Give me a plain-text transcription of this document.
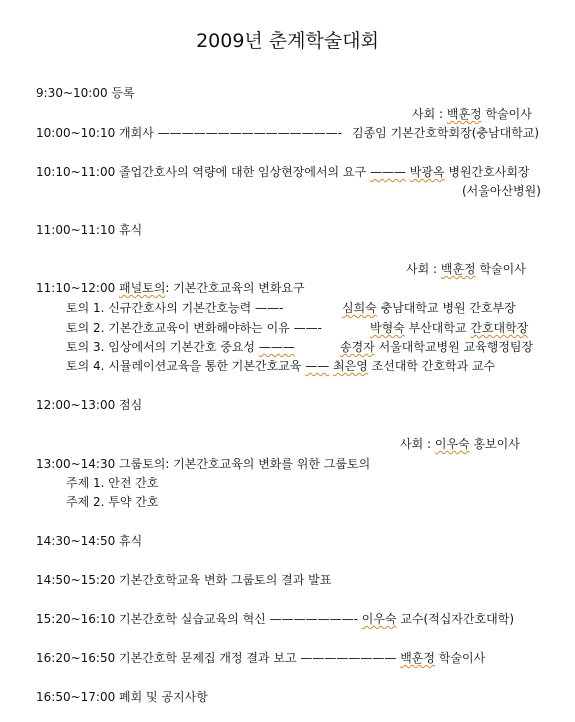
2009년 춘계학술대회
9:30~10:00 등록
사회 : 백훈정 학술이사
10:00~10:10 개회사 ———————————————- 김종임 기본간호학회장(충남대학교)
10:10~11:00 졸업간호사의 역량에 대한 임상현장에서의 요구 ——— 박광옥 병원간호사회장
(서울아산병원)
11:00~11:10 휴식
사회 : 백훈정 학술이사
11:10~12:00 패널토의: 기본간호교육의 변화요구
토의 1. 신규간호사의 기본간호능력 ——-	심희숙 충남대학교 병원 간호부장
토의 2. 기본간호교육이 변화해야하는 이유 ——-	박형숙 부산대학교 간호대학장
토의 3. 임상에서의 기본간호 중요성 ———	송경자 서울대학교병원 교육행정팀장
토의 4. 시뮬레이션교육을 통한 기본간호교육 —— 최은영 조선대학 간호학과 교수
12:00~13:00 점심
사회 : 이우숙 홍보이사
13:00~14:30 그룹토의: 기본간호교육의 변화를 위한 그룹토의
주제 1. 안전 간호
주제 2. 투약 간호
14:30~14:50 휴식
14:50~15:20 기본간호학교육 변화 그룹토의 결과 발표
15:20~16:10 기본간호학 실습교육의 혁신 ———————- 이우숙 교수(적십자간호대학)
16:20~16:50 기본간호학 문제집 개정 결과 보고 ———————— 백훈정 학술이사
16:50~17:00 폐회 및 공지사항
